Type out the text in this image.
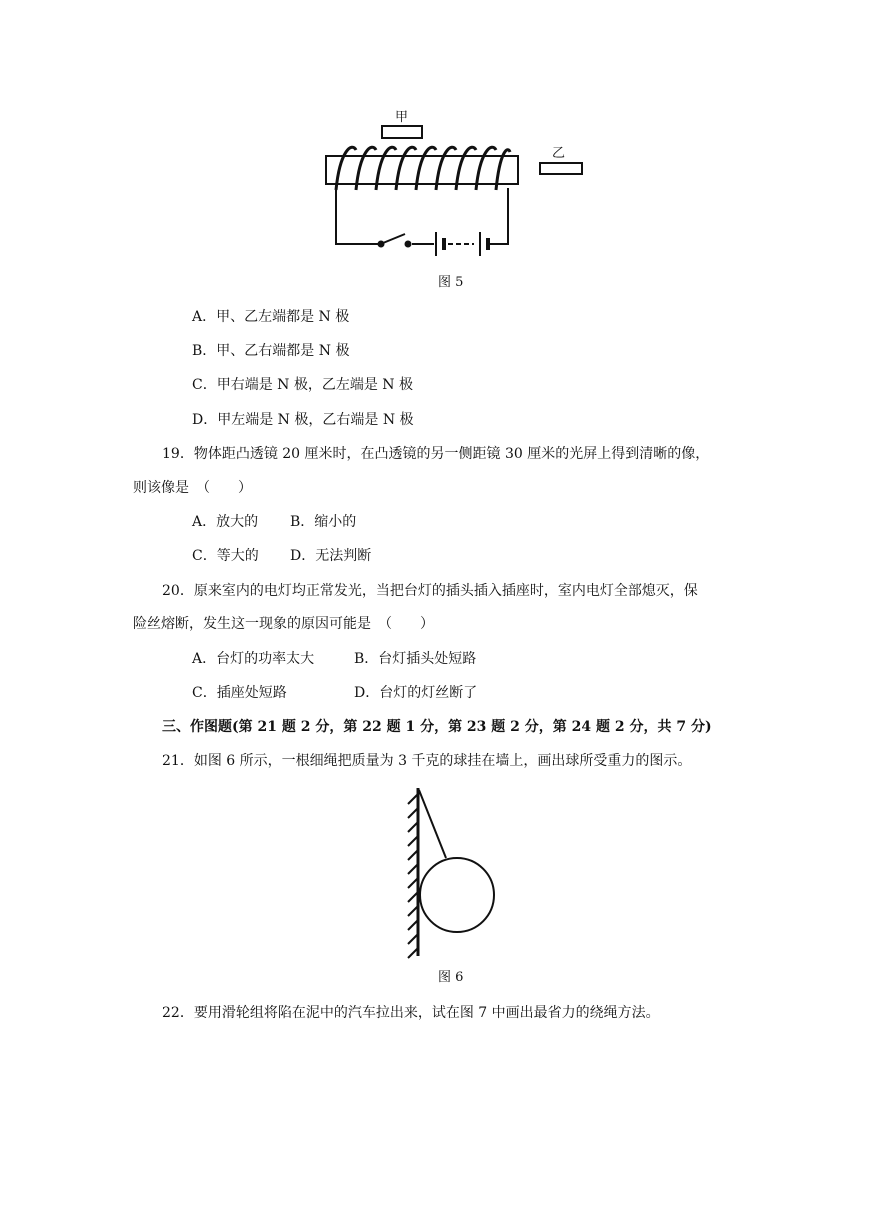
甲
乙
图 5
A．甲、乙左端都是 N 极
B．甲、乙右端都是 N 极
C．甲右端是 N 极，乙左端是 N 极
D．甲左端是 N 极，乙右端是 N 极
19．物体距凸透镜 20 厘米时，在凸透镜的另一侧距镜 30 厘米的光屏上得到清晰的像，
则该像是　（　　）
A．放大的 B．缩小的
C．等大的 D．无法判断
20．原来室内的电灯均正常发光，当把台灯的插头插入插座时，室内电灯全部熄灭，保
险丝熔断，发生这一现象的原因可能是　（　　）
A．台灯的功率太大	B．台灯插头处短路
C．插座处短路	D．台灯的灯丝断了
三、作图题(第 21 题 2 分，第 22 题 1 分，第 23 题 2 分，第 24 题 2 分，共 7 分)
21．如图 6 所示，一根细绳把质量为 3 千克的球挂在墙上，画出球所受重力的图示。
图 6
22．要用滑轮组将陷在泥中的汽车拉出来，试在图 7 中画出最省力的绕绳方法。
